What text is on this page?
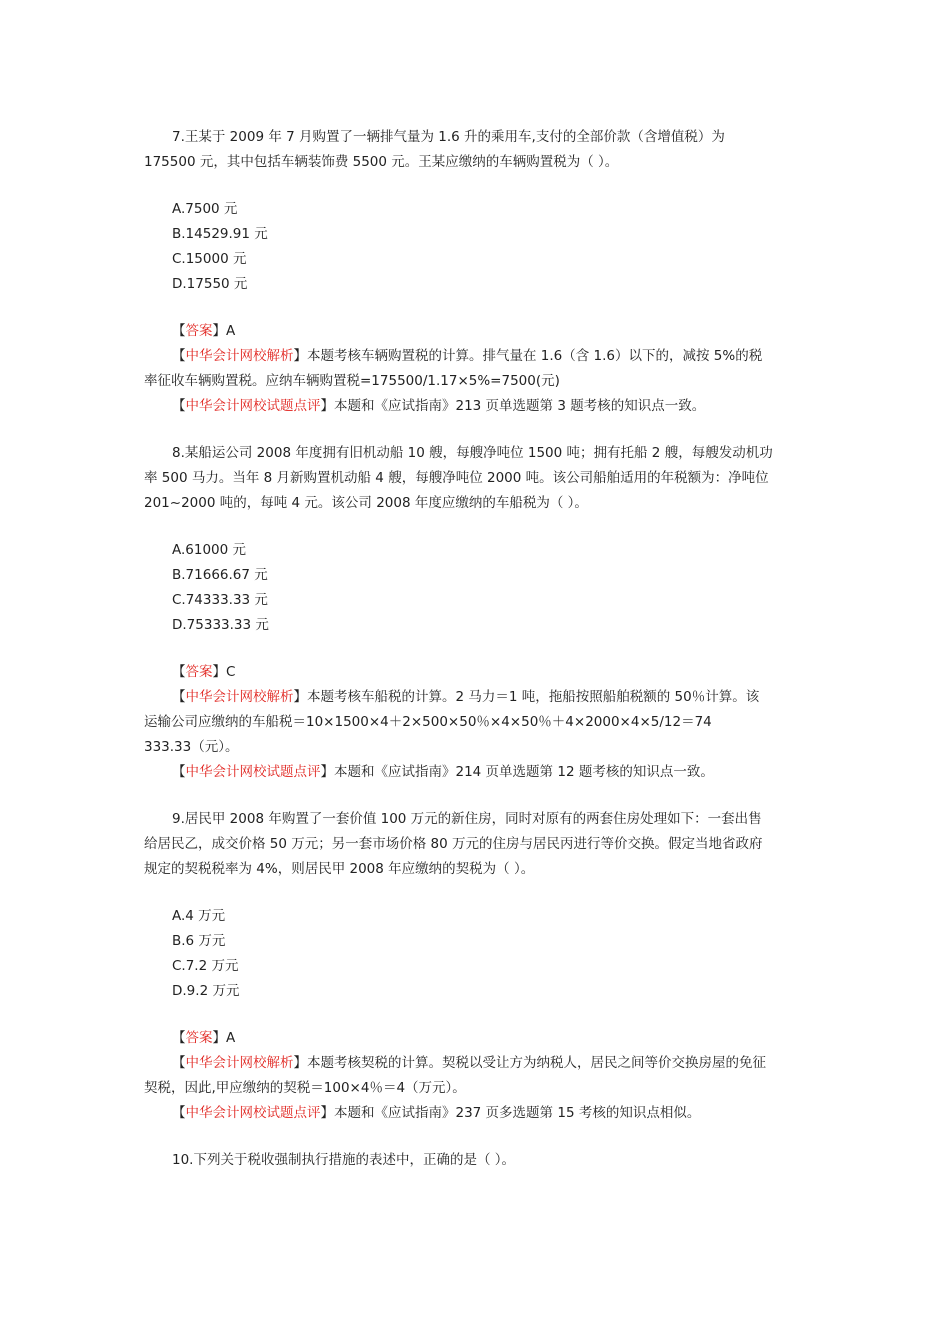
7.王某于 2009 年 7 月购置了一辆排气量为 1.6 升的乘用车,支付的全部价款（含增值税）为
175500 元，其中包括车辆装饰费 5500 元。王某应缴纳的车辆购置税为（ ）。
A.7500 元
B.14529.91 元
C.15000 元
D.17550 元
【答案】A
【中华会计网校解析】本题考核车辆购置税的计算。排气量在 1.6（含 1.6）以下的，减按 5%的税
率征收车辆购置税。应纳车辆购置税=175500/1.17×5%=7500(元)
【中华会计网校试题点评】本题和《应试指南》213 页单选题第 3 题考核的知识点一致。
8.某船运公司 2008 年度拥有旧机动船 10 艘，每艘净吨位 1500 吨；拥有托船 2 艘，每艘发动机功
率 500 马力。当年 8 月新购置机动船 4 艘，每艘净吨位 2000 吨。该公司船舶适用的年税额为：净吨位
201~2000 吨的，每吨 4 元。该公司 2008 年度应缴纳的车船税为（ ）。
A.61000 元
B.71666.67 元
C.74333.33 元
D.75333.33 元
【答案】C
【中华会计网校解析】本题考核车船税的计算。2 马力＝1 吨，拖船按照船舶税额的 50％计算。该
运输公司应缴纳的车船税＝10×1500×4＋2×500×50％×4×50％＋4×2000×4×5/12＝74
333.33（元）。
【中华会计网校试题点评】本题和《应试指南》214 页单选题第 12 题考核的知识点一致。
9.居民甲 2008 年购置了一套价值 100 万元的新住房，同时对原有的两套住房处理如下：一套出售
给居民乙，成交价格 50 万元；另一套市场价格 80 万元的住房与居民丙进行等价交换。假定当地省政府
规定的契税税率为 4%，则居民甲 2008 年应缴纳的契税为（ ）。
A.4 万元
B.6 万元
C.7.2 万元
D.9.2 万元
【答案】A
【中华会计网校解析】本题考核契税的计算。契税以受让方为纳税人，居民之间等价交换房屋的免征
契税，因此,甲应缴纳的契税＝100×4％＝4（万元）。
【中华会计网校试题点评】本题和《应试指南》237 页多选题第 15 考核的知识点相似。
10.下列关于税收强制执行措施的表述中，正确的是（ ）。
